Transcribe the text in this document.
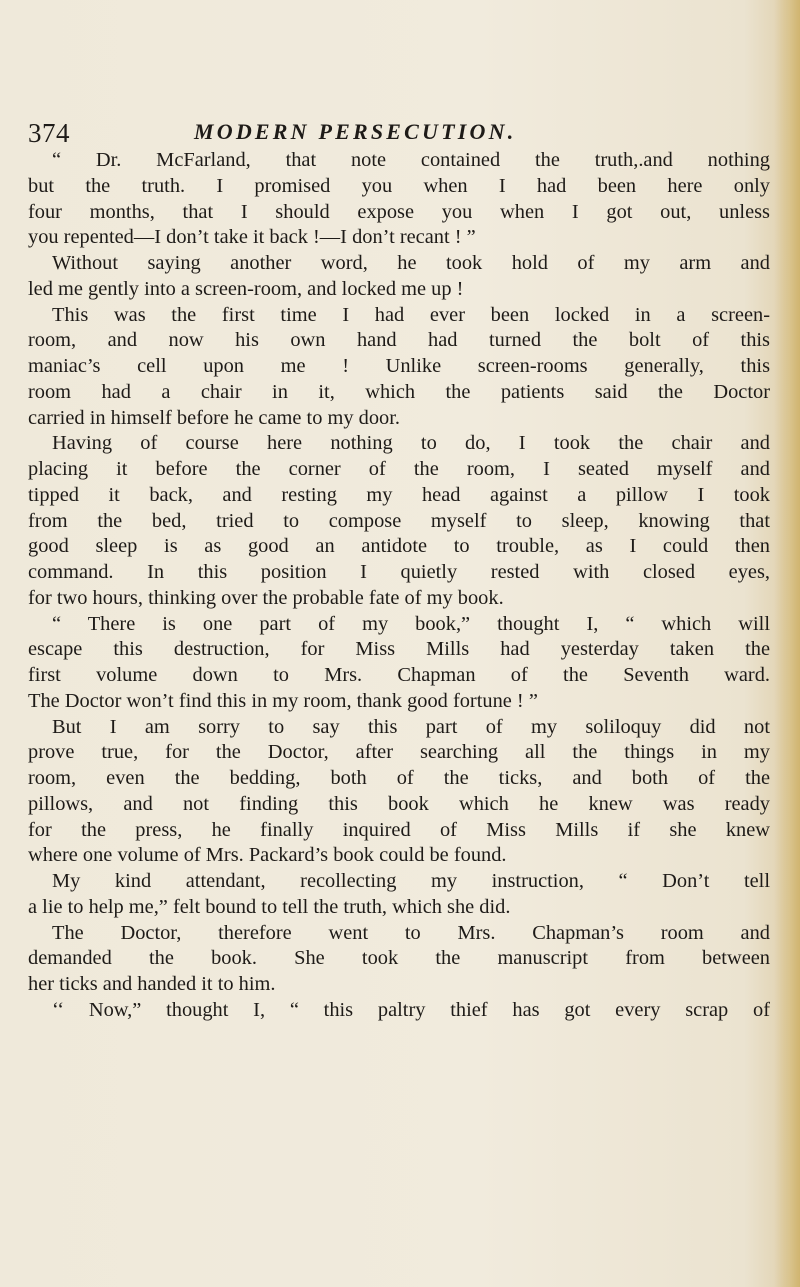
374	MODERN PERSECUTION.
“ Dr. McFarland, that note contained the truth,.and nothing
but the truth. I promised you when I had been here only
four months, that I should expose you when I got out, unless
you repented—I don’t take it back !—I don’t recant ! ”
Without saying another word, he took hold of my arm and
led me gently into a screen-room, and locked me up !
This was the first time I had ever been locked in a screen-
room, and now his own hand had turned the bolt of this
maniac’s cell upon me ! Unlike screen-rooms generally, this
room had a chair in it, which the patients said the Doctor
carried in himself before he came to my door.
Having of course here nothing to do, I took the chair and
placing it before the corner of the room, I seated myself and
tipped it back, and resting my head against a pillow I took
from the bed, tried to compose myself to sleep, knowing that
good sleep is as good an antidote to trouble, as I could then
command. In this position I quietly rested with closed eyes,
for two hours, thinking over the probable fate of my book.
“ There is one part of my book,” thought I, “ which will
escape this destruction, for Miss Mills had yesterday taken the
first volume down to Mrs. Chapman of the Seventh ward.
The Doctor won’t find this in my room, thank good fortune ! ”
But I am sorry to say this part of my soliloquy did not
prove true, for the Doctor, after searching all the things in my
room, even the bedding, both of the ticks, and both of the
pillows, and not finding this book which he knew was ready
for the press, he finally inquired of Miss Mills if she knew
where one volume of Mrs. Packard’s book could be found.
My kind attendant, recollecting my instruction, “ Don’t tell
a lie to help me,” felt bound to tell the truth, which she did.
The Doctor, therefore went to Mrs. Chapman’s room and
demanded the book. She took the manuscript from between
her ticks and handed it to him.
‘‘ Now,” thought I, “ this paltry thief has got every scrap of
